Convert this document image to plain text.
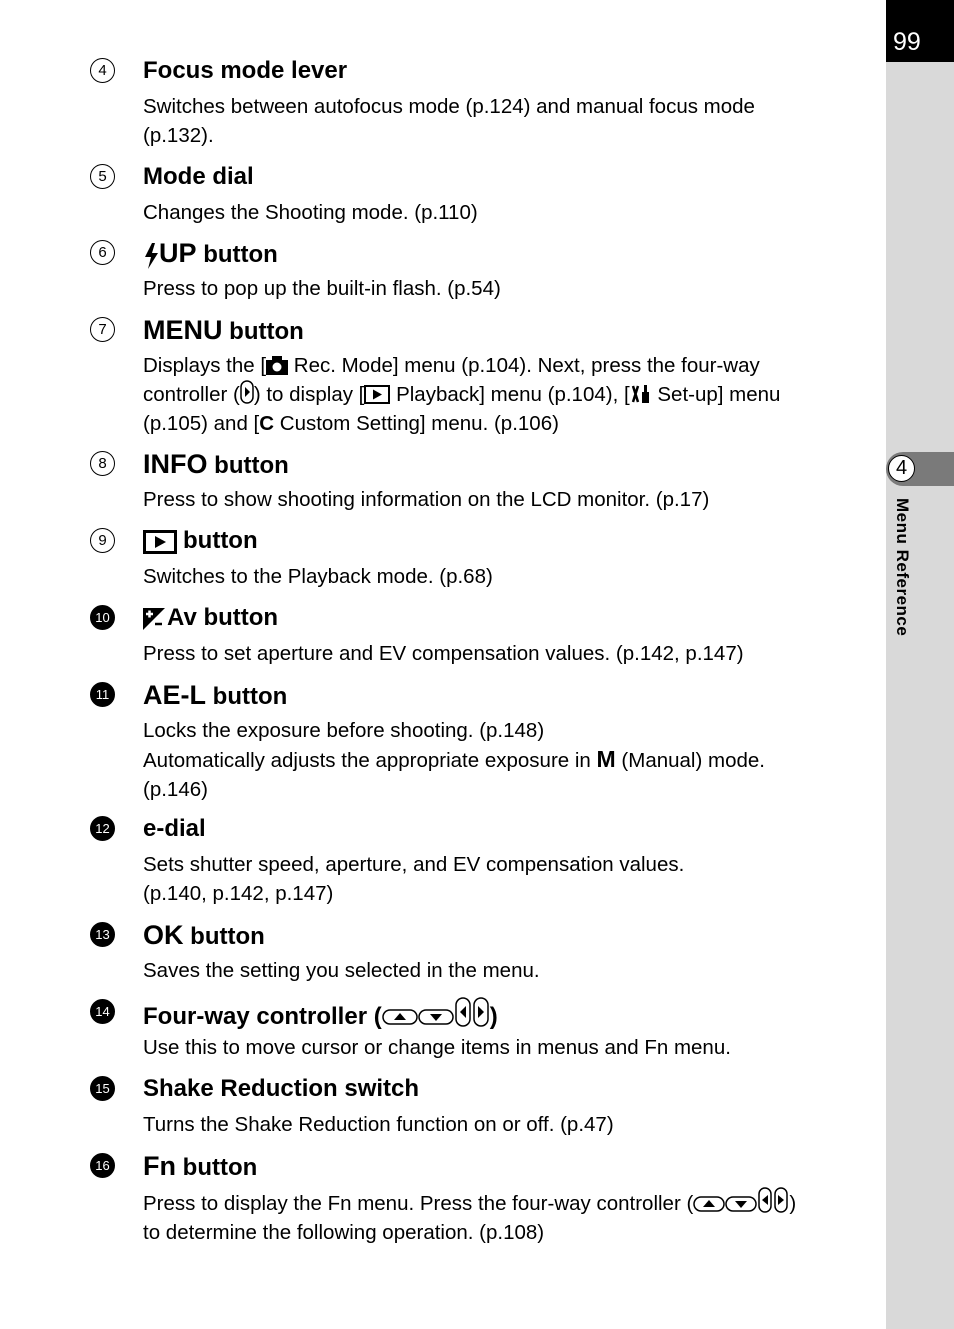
99
4
Menu Reference
4	Focus mode lever
Switches between autofocus mode (p.124) and manual focus mode
(p.132).
5	Mode dial
Changes the Shooting mode. (p.110)
6	UP button
Press to pop up the built-in flash. (p.54)
7	MENU button
Displays the [ Rec. Mode] menu (p.104). Next, press the four-way
controller ( ) to display [ Playback] menu (p.104), [ Set-up] menu
(p.105) and [C Custom Setting] menu. (p.106)
8	INFO button
Press to show shooting information on the LCD monitor. (p.17)
9	button
Switches to the Playback mode. (p.68)
10	Av button
Press to set aperture and EV compensation values. (p.142, p.147)
11 AE-L button
Locks the exposure before shooting. (p.148)
Automatically adjusts the appropriate exposure in M (Manual) mode.
(p.146)
12 e-dial
Sets shutter speed, aperture, and EV compensation values.
(p.140, p.142, p.147)
13 OK button
Saves the setting you selected in the menu.
14 Four-way controller (	)
Use this to move cursor or change items in menus and Fn menu.
15 Shake Reduction switch
Turns the Shake Reduction function on or off. (p.47)
16 Fn button
Press to display the Fn menu. Press the four-way controller (	)
to determine the following operation. (p.108)
